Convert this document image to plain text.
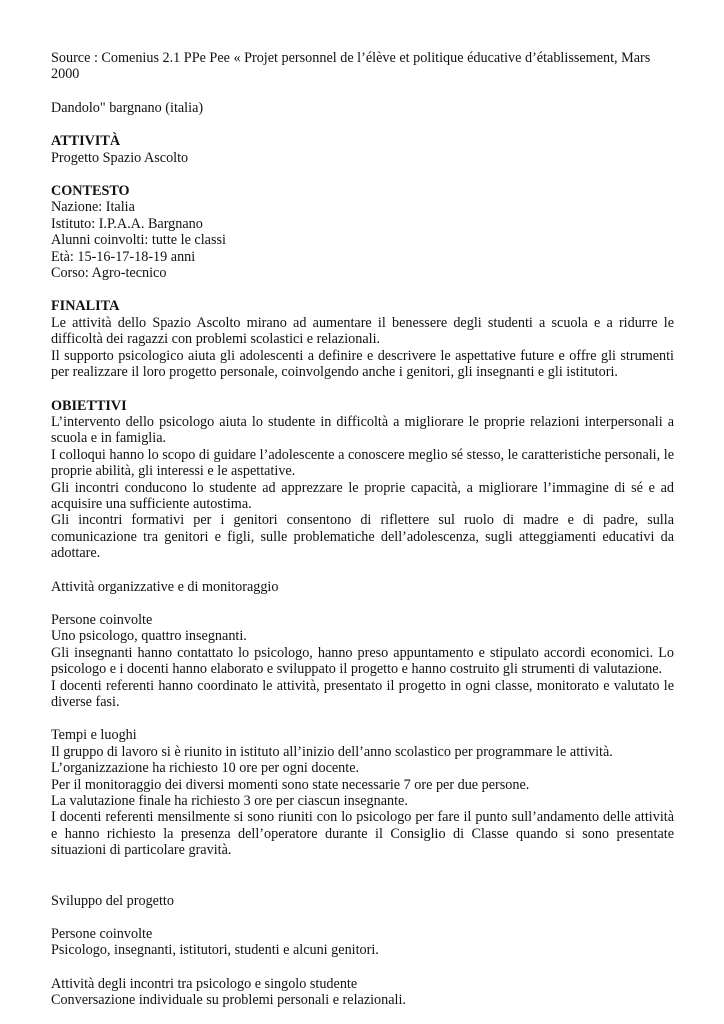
Source : Comenius 2.1 PPe Pee « Projet personnel de l’élève et politique éducative d’établissement, Mars 2000

Dandolo" bargnano (italia)

ATTIVITÀ

Progetto Spazio Ascolto

CONTESTO

Nazione: Italia

Istituto: I.P.A.A. Bargnano

Alunni coinvolti: tutte le classi

Età: 15-16-17-18-19 anni

Corso: Agro-tecnico

FINALITA

Le attività dello Spazio Ascolto mirano ad aumentare il benessere degli studenti a scuola e a ridurre le difficoltà dei ragazzi con problemi scolastici e relazionali.

Il supporto psicologico aiuta gli adolescenti a definire e descrivere le aspettative future e offre gli strumenti per realizzare il loro progetto personale, coinvolgendo anche i genitori, gli insegnanti e gli istitutori.

OBIETTIVI

L’intervento dello psicologo aiuta lo studente in difficoltà a migliorare le proprie relazioni interpersonali a scuola e in famiglia.

I colloqui hanno lo scopo di guidare l’adolescente a conoscere meglio sé stesso, le caratteristiche personali, le proprie abilità, gli interessi e le aspettative.

Gli incontri conducono lo studente ad apprezzare le proprie capacità, a migliorare l’immagine di sé e ad acquisire una sufficiente autostima.

Gli incontri formativi per i genitori consentono di riflettere sul ruolo di madre e di padre, sulla comunicazione tra genitori e figli, sulle problematiche dell’adolescenza, sugli atteggiamenti educativi da adottare.

Attività organizzative e di monitoraggio

Persone coinvolte

Uno psicologo, quattro insegnanti.

Gli insegnanti hanno contattato lo psicologo, hanno preso appuntamento e stipulato accordi economici. Lo psicologo e i docenti hanno elaborato e sviluppato il progetto e hanno costruito gli strumenti di valutazione.

I docenti referenti hanno coordinato le attività, presentato il progetto in ogni classe, monitorato e valutato le diverse fasi.

Tempi e luoghi

Il gruppo di lavoro si è riunito in istituto all’inizio dell’anno scolastico per programmare le attività.

L’organizzazione ha richiesto 10 ore per ogni docente.

Per il monitoraggio dei diversi momenti sono state necessarie 7 ore per due persone.

La valutazione finale ha richiesto 3 ore per ciascun insegnante.

I docenti referenti mensilmente si sono riuniti con lo psicologo per fare il punto sull’andamento delle attività e hanno richiesto la presenza dell’operatore durante il Consiglio di Classe quando si sono presentate situazioni di particolare gravità.

Sviluppo del progetto

Persone coinvolte

Psicologo, insegnanti, istitutori, studenti e alcuni genitori.

Attività degli incontri tra psicologo e singolo studente

Conversazione individuale su problemi personali e relazionali.
